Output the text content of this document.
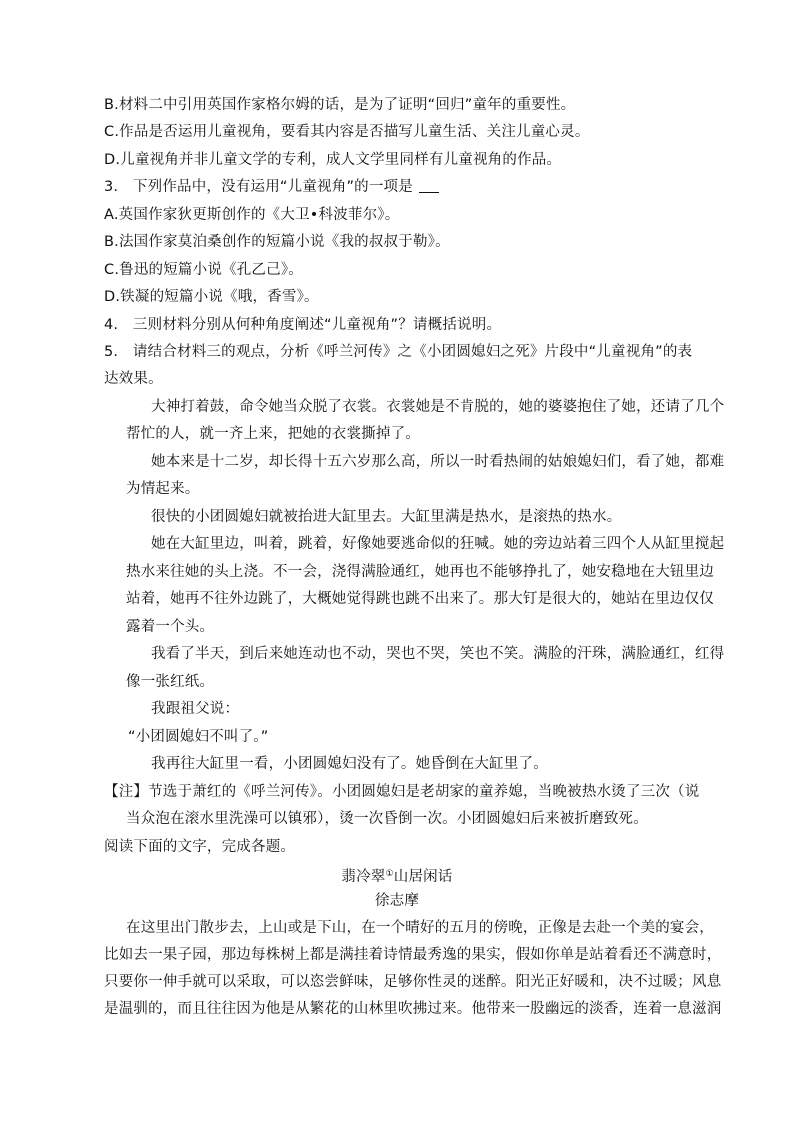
B.材料二中引用英国作家格尔姆的话，是为了证明“回归”童年的重要性。
C.作品是否运用儿童视角，要看其内容是否描写儿童生活、关注儿童心灵。
D.儿童视角并非儿童文学的专利，成人文学里同样有儿童视角的作品。
3.　下列作品中，没有运用“儿童视角”的一项是
A.英国作家狄更斯创作的《大卫•科波菲尔》。
B.法国作家莫泊桑创作的短篇小说《我的叔叔于勒》。
C.鲁迅的短篇小说《孔乙己》。
D.铁凝的短篇小说《哦，香雪》。
4.　三则材料分别从何种角度阐述“儿童视角”？请概括说明。
5.　请结合材料三的观点，分析《呼兰河传》之《小团圆媳妇之死》片段中“儿童视角”的表
达效果。
大神打着鼓，命令她当众脱了衣裳。衣裳她是不肯脱的，她的婆婆抱住了她，还请了几个
帮忙的人，就一齐上来，把她的衣裳撕掉了。
她本来是十二岁，却长得十五六岁那么高，所以一时看热闹的姑娘媳妇们，看了她，都难
为情起来。
很快的小团圆媳妇就被抬进大缸里去。大缸里满是热水，是滚热的热水。
她在大缸里边，叫着，跳着，好像她要逃命似的狂喊。她的旁边站着三四个人从缸里搅起
热水来往她的头上浇。不一会，浇得满脸通红，她再也不能够挣扎了，她安稳地在大钮里边
站着，她再不往外边跳了，大概她觉得跳也跳不出来了。那大钉是很大的，她站在里边仅仅
露着一个头。
我看了半天，到后来她连动也不动，哭也不哭，笑也不笑。满脸的汗珠，满脸通红，红得
像一张红纸。
我跟祖父说：
“小团圆媳妇不叫了。”
我再往大缸里一看，小团圆媳妇没有了。她昏倒在大缸里了。
【注】节选于萧红的《呼兰河传》。小团圆媳妇是老胡家的童养媳，当晚被热水烫了三次（说
当众泡在滚水里洗澡可以镇邪），烫一次昏倒一次。小团圆媳妇后来被折磨致死。
阅读下面的文字，完成各题。
翡冷翠①山居闲话
徐志摩
在这里出门散步去，上山或是下山，在一个晴好的五月的傍晚，正像是去赴一个美的宴会，
比如去一果子园，那边每株树上都是满挂着诗情最秀逸的果实，假如你单是站着看还不满意时，
只要你一伸手就可以采取，可以恣尝鲜味，足够你性灵的迷醉。阳光正好暖和，决不过暖；风息
是温驯的，而且往往因为他是从繁花的山林里吹拂过来。他带来一股幽远的淡香，连着一息滋润
